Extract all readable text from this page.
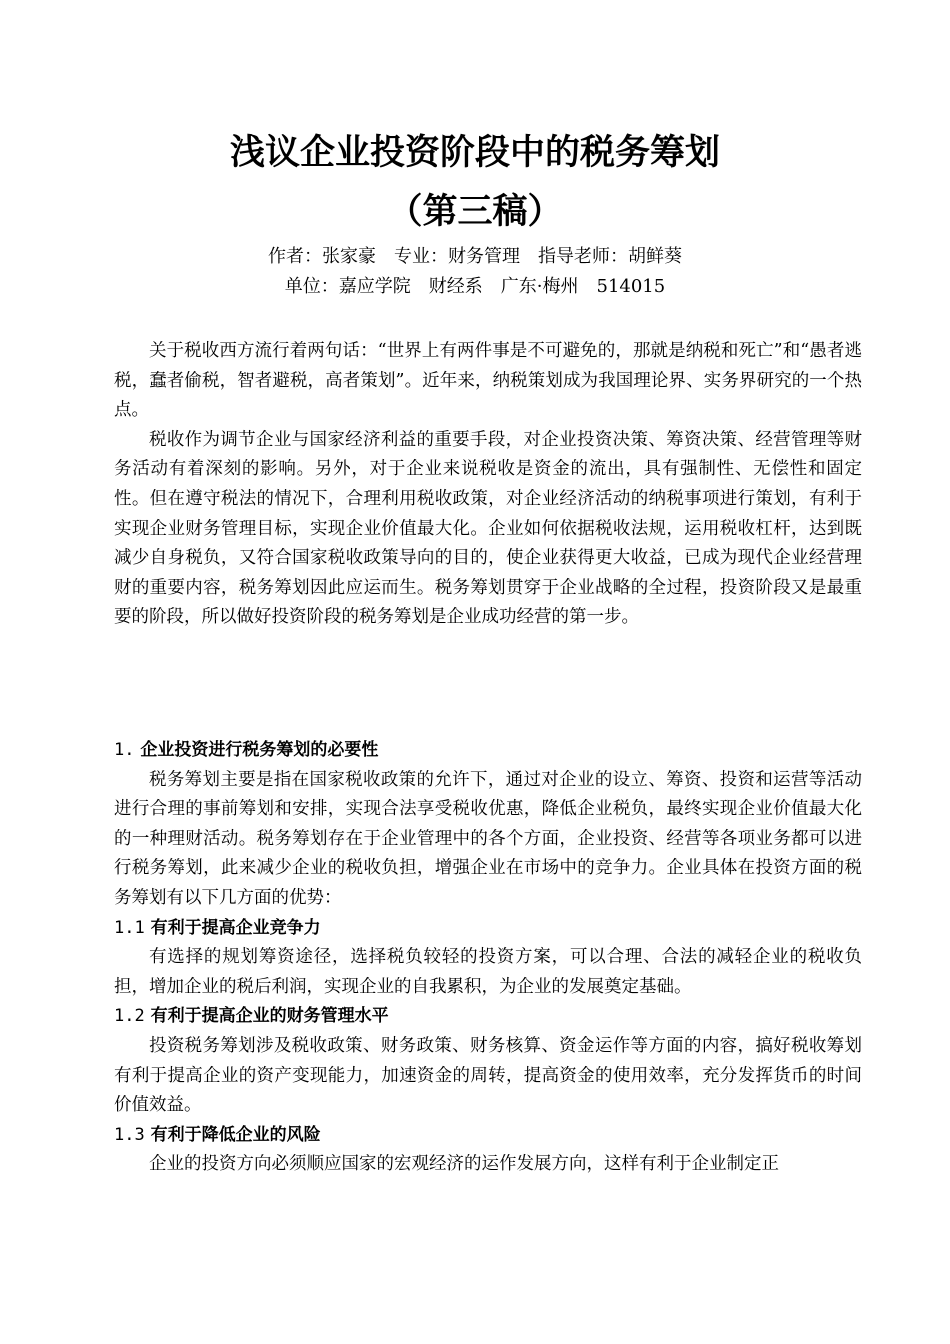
浅议企业投资阶段中的税务筹划
（第三稿）
作者：张家豪　专业：财务管理　指导老师：胡鲜葵
单位：嘉应学院　财经系　广东·梅州　514015

关于税收西方流行着两句话：“世界上有两件事是不可避免的，那就是纳税和死亡”和“愚者逃税，蠢者偷税，智者避税，高者策划”。近年来，纳税策划成为我国理论界、实务界研究的一个热点。

税收作为调节企业与国家经济利益的重要手段，对企业投资决策、筹资决策、经营管理等财务活动有着深刻的影响。另外，对于企业来说税收是资金的流出，具有强制性、无偿性和固定性。但在遵守税法的情况下，合理利用税收政策，对企业经济活动的纳税事项进行策划，有利于实现企业财务管理目标，实现企业价值最大化。企业如何依据税收法规，运用税收杠杆，达到既减少自身税负，又符合国家税收政策导向的目的，使企业获得更大收益，已成为现代企业经营理财的重要内容，税务筹划因此应运而生。税务筹划贯穿于企业战略的全过程，投资阶段又是最重要的阶段，所以做好投资阶段的税务筹划是企业成功经营的第一步。

1. 企业投资进行税务筹划的必要性

税务筹划主要是指在国家税收政策的允许下，通过对企业的设立、筹资、投资和运营等活动进行合理的事前筹划和安排，实现合法享受税收优惠，降低企业税负，最终实现企业价值最大化的一种理财活动。税务筹划存在于企业管理中的各个方面，企业投资、经营等各项业务都可以进行税务筹划，此来减少企业的税收负担，增强企业在市场中的竞争力。企业具体在投资方面的税务筹划有以下几方面的优势：

1.1 有利于提高企业竞争力

有选择的规划筹资途径，选择税负较轻的投资方案，可以合理、合法的减轻企业的税收负担，增加企业的税后利润，实现企业的自我累积，为企业的发展奠定基础。

1.2 有利于提高企业的财务管理水平

投资税务筹划涉及税收政策、财务政策、财务核算、资金运作等方面的内容，搞好税收筹划有利于提高企业的资产变现能力，加速资金的周转，提高资金的使用效率，充分发挥货币的时间价值效益。

1.3 有利于降低企业的风险

企业的投资方向必须顺应国家的宏观经济的运作发展方向，这样有利于企业制定正
